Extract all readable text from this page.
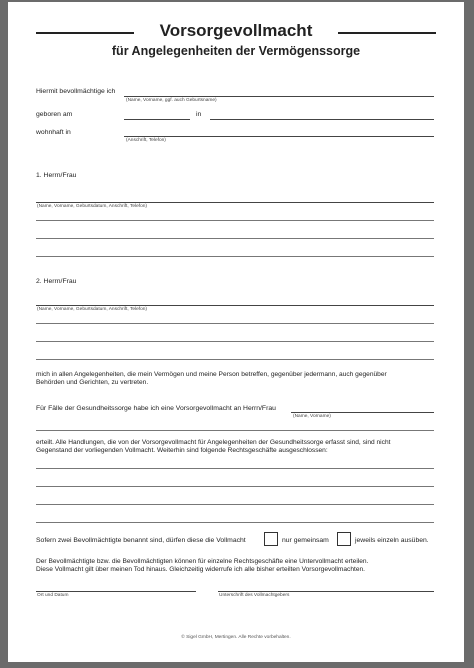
Vorsorgevollmacht
für Angelegenheiten der Vermögenssorge
Hiermit bevollmächtige ich
(Name, Vorname, ggf. auch Geburtsname)
geboren am	in
wohnhaft in
(Anschrift, Telefon)
1. Herrn/Frau
(Name, Vorname, Geburtsdatum, Anschrift, Telefon)
2. Herrn/Frau
(Name, Vorname, Geburtsdatum, Anschrift, Telefon)
mich in allen Angelegenheiten, die mein Vermögen und meine Person betreffen, gegenüber jedermann, auch gegenüber
Behörden und Gerichten, zu vertreten.
Für Fälle der Gesundheitssorge habe ich eine Vorsorgevollmacht an Herrn/Frau
(Name, Vorname)
erteilt. Alle Handlungen, die von der Vorsorgevollmacht für Angelegenheiten der Gesundheitssorge erfasst sind, sind nicht
Gegenstand der vorliegenden Vollmacht. Weiterhin sind folgende Rechtsgeschäfte ausgeschlossen:
Sofern zwei Bevollmächtigte benannt sind, dürfen diese die Vollmacht	nur gemeinsam	jeweils einzeln ausüben.
Der Bevollmächtigte bzw. die Bevollmächtigten können für einzelne Rechtsgeschäfte eine Untervollmacht erteilen.
Diese Vollmacht gilt über meinen Tod hinaus. Gleichzeitig widerrufe ich alle bisher erteilten Vorsorgevollmachten.
Ort und Datum	Unterschrift des Vollmachtgebers
© Sigel GmbH, Mertingen. Alle Rechte vorbehalten.
